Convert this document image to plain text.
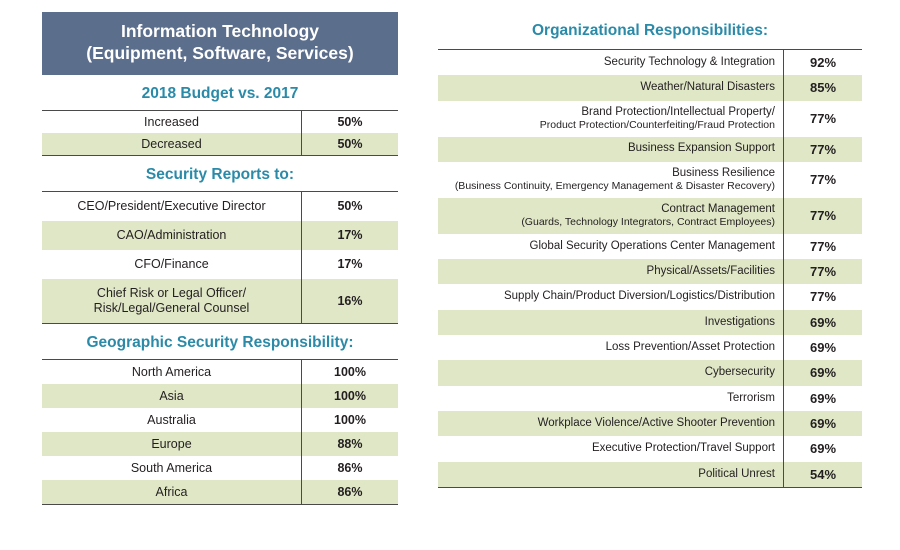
Information Technology
(Equipment, Software, Services)
2018 Budget vs. 2017
Increased	50%
Decreased	50%
Security Reports to:
CEO/President/Executive Director	50%
CAO/Administration	17%
CFO/Finance	17%
Chief Risk or Legal Officer/
Risk/Legal/General Counsel	16%
Geographic Security Responsibility:
North America	100%
Asia	100%
Australia	100%
Europe	88%
South America	86%
Africa	86%
Organizational Responsibilities:
Security Technology & Integration	92%
Weather/Natural Disasters	85%
Brand Protection/Intellectual Property/
Product Protection/Counterfeiting/Fraud Protection	77%
Business Expansion Support	77%
Business Resilience
(Business Continuity, Emergency Management & Disaster Recovery)	77%
Contract Management
(Guards, Technology Integrators, Contract Employees)	77%
Global Security Operations Center Management	77%
Physical/Assets/Facilities	77%
Supply Chain/Product Diversion/Logistics/Distribution	77%
Investigations	69%
Loss Prevention/Asset Protection	69%
Cybersecurity	69%
Terrorism	69%
Workplace Violence/Active Shooter Prevention	69%
Executive Protection/Travel Support	69%
Political Unrest	54%
